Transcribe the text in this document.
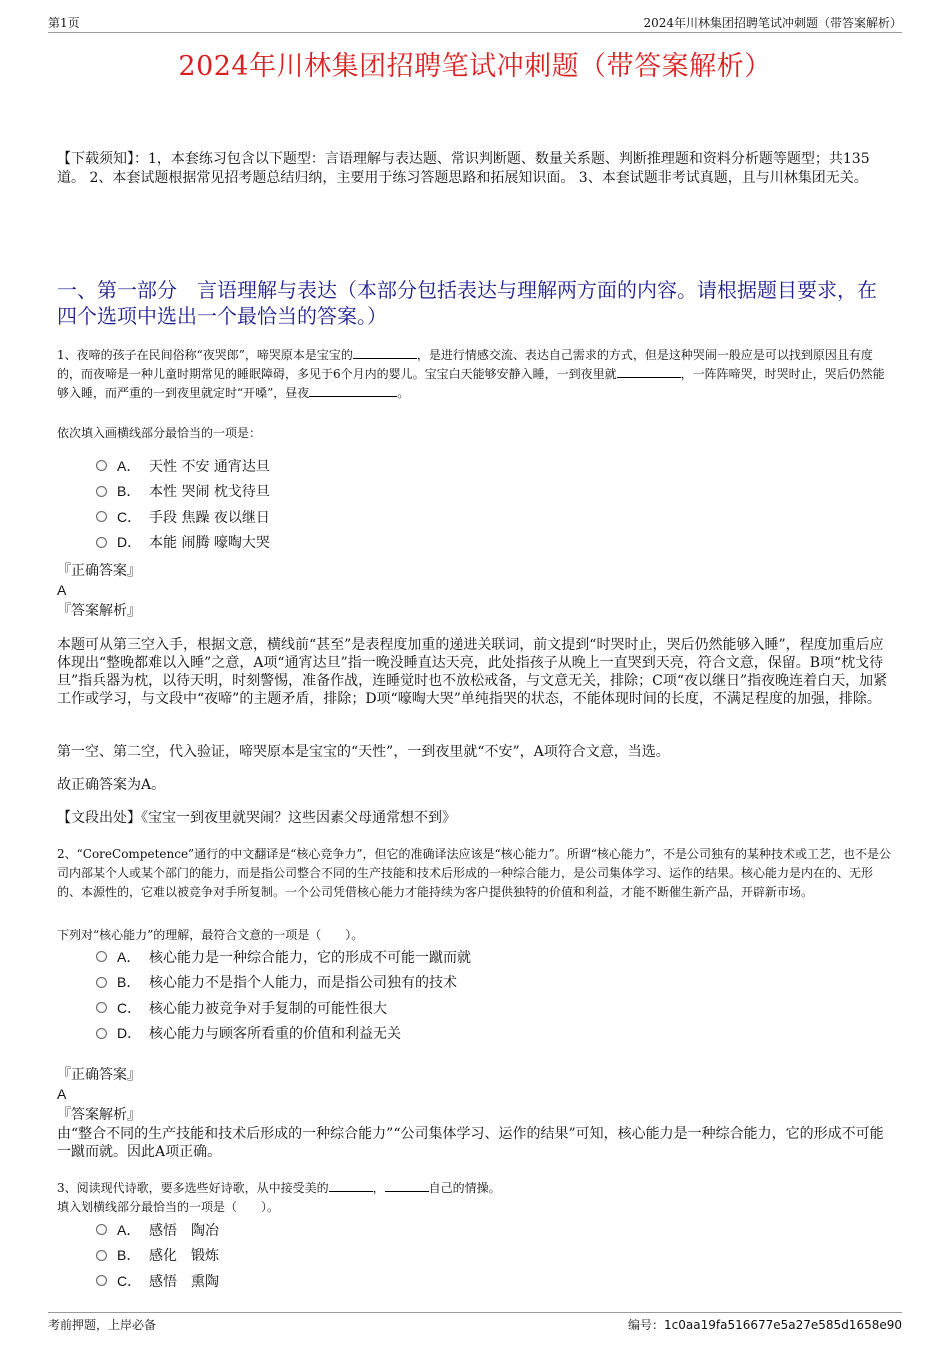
第1页	2024年川林集团招聘笔试冲刺题（带答案解析）
2024年川林集团招聘笔试冲刺题（带答案解析）
【下载须知】：1，本套练习包含以下题型：言语理解与表达题、常识判断题、数量关系题、判断推理题和资料分析题等题型；共135道。 2、本套试题根据常见招考题总结归纳，主要用于练习答题思路和拓展知识面。 3、本套试题非考试真题，且与川林集团无关。
一、第一部分　言语理解与表达（本部分包括表达与理解两方面的内容。请根据题目要求，在四个选项中选出一个最恰当的答案。）
1、夜啼的孩子在民间俗称“夜哭郎”，啼哭原本是宝宝的	，是进行情感交流、表达自己需求的方式，但是这种哭闹一般应是可以找到原因且有度的，而夜啼是一种儿童时期常见的睡眠障碍，多见于6个月内的婴儿。宝宝白天能够安静入睡，一到夜里就	，一阵阵啼哭，时哭时止，哭后仍然能够入睡，而严重的一到夜里就定时“开嗓”，昼夜	。
依次填入画横线部分最恰当的一项是：
A． 天性 不安 通宵达旦
B． 本性 哭闹 枕戈待旦
C． 手段 焦躁 夜以继日
D． 本能 闹腾 嚎啕大哭
『正确答案』
A
『答案解析』
本题可从第三空入手，根据文意，横线前“甚至”是表程度加重的递进关联词，前文提到“时哭时止，哭后仍然能够入睡”，程度加重后应体现出“整晚都难以入睡”之意，A项“通宵达旦”指一晚没睡直达天亮，此处指孩子从晚上一直哭到天亮，符合文意，保留。B项“枕戈待旦”指兵器为枕，以待天明，时刻警惕，准备作战，连睡觉时也不放松戒备，与文意无关，排除；C项“夜以继日”指夜晚连着白天，加紧工作或学习，与文段中“夜啼”的主题矛盾，排除；D项“嚎啕大哭”单纯指哭的状态，不能体现时间的长度，不满足程度的加强，排除。
第一空、第二空，代入验证，啼哭原本是宝宝的“天性”，一到夜里就“不安”，A项符合文意，当选。
故正确答案为A。
【文段出处】《宝宝一到夜里就哭闹？这些因素父母通常想不到》
2、“CoreCompetence”通行的中文翻译是“核心竞争力”，但它的准确译法应该是“核心能力”。所谓“核心能力”，不是公司独有的某种技术或工艺，也不是公司内部某个人或某个部门的能力，而是指公司整合不同的生产技能和技术后形成的一种综合能力，是公司集体学习、运作的结果。核心能力是内在的、无形的、本源性的，它难以被竞争对手所复制。一个公司凭借核心能力才能持续为客户提供独特的价值和利益，才能不断催生新产品，开辟新市场。
下列对“核心能力”的理解，最符合文意的一项是（　　）。
A． 核心能力是一种综合能力，它的形成不可能一蹴而就
B． 核心能力不是指个人能力，而是指公司独有的技术
C． 核心能力被竞争对手复制的可能性很大
D． 核心能力与顾客所看重的价值和利益无关
『正确答案』
A
『答案解析』
由“整合不同的生产技能和技术后形成的一种综合能力”“公司集体学习、运作的结果”可知，核心能力是一种综合能力，它的形成不可能一蹴而就。因此A项正确。
3、阅读现代诗歌，要多选些好诗歌，从中接受美的	，	自己的情操。
填入划横线部分最恰当的一项是（　　）。
A． 感悟　陶冶
B． 感化　锻炼
C． 感悟　熏陶
考前押题，上岸必备	编号：1c0aa19fa516677e5a27e585d1658e90
